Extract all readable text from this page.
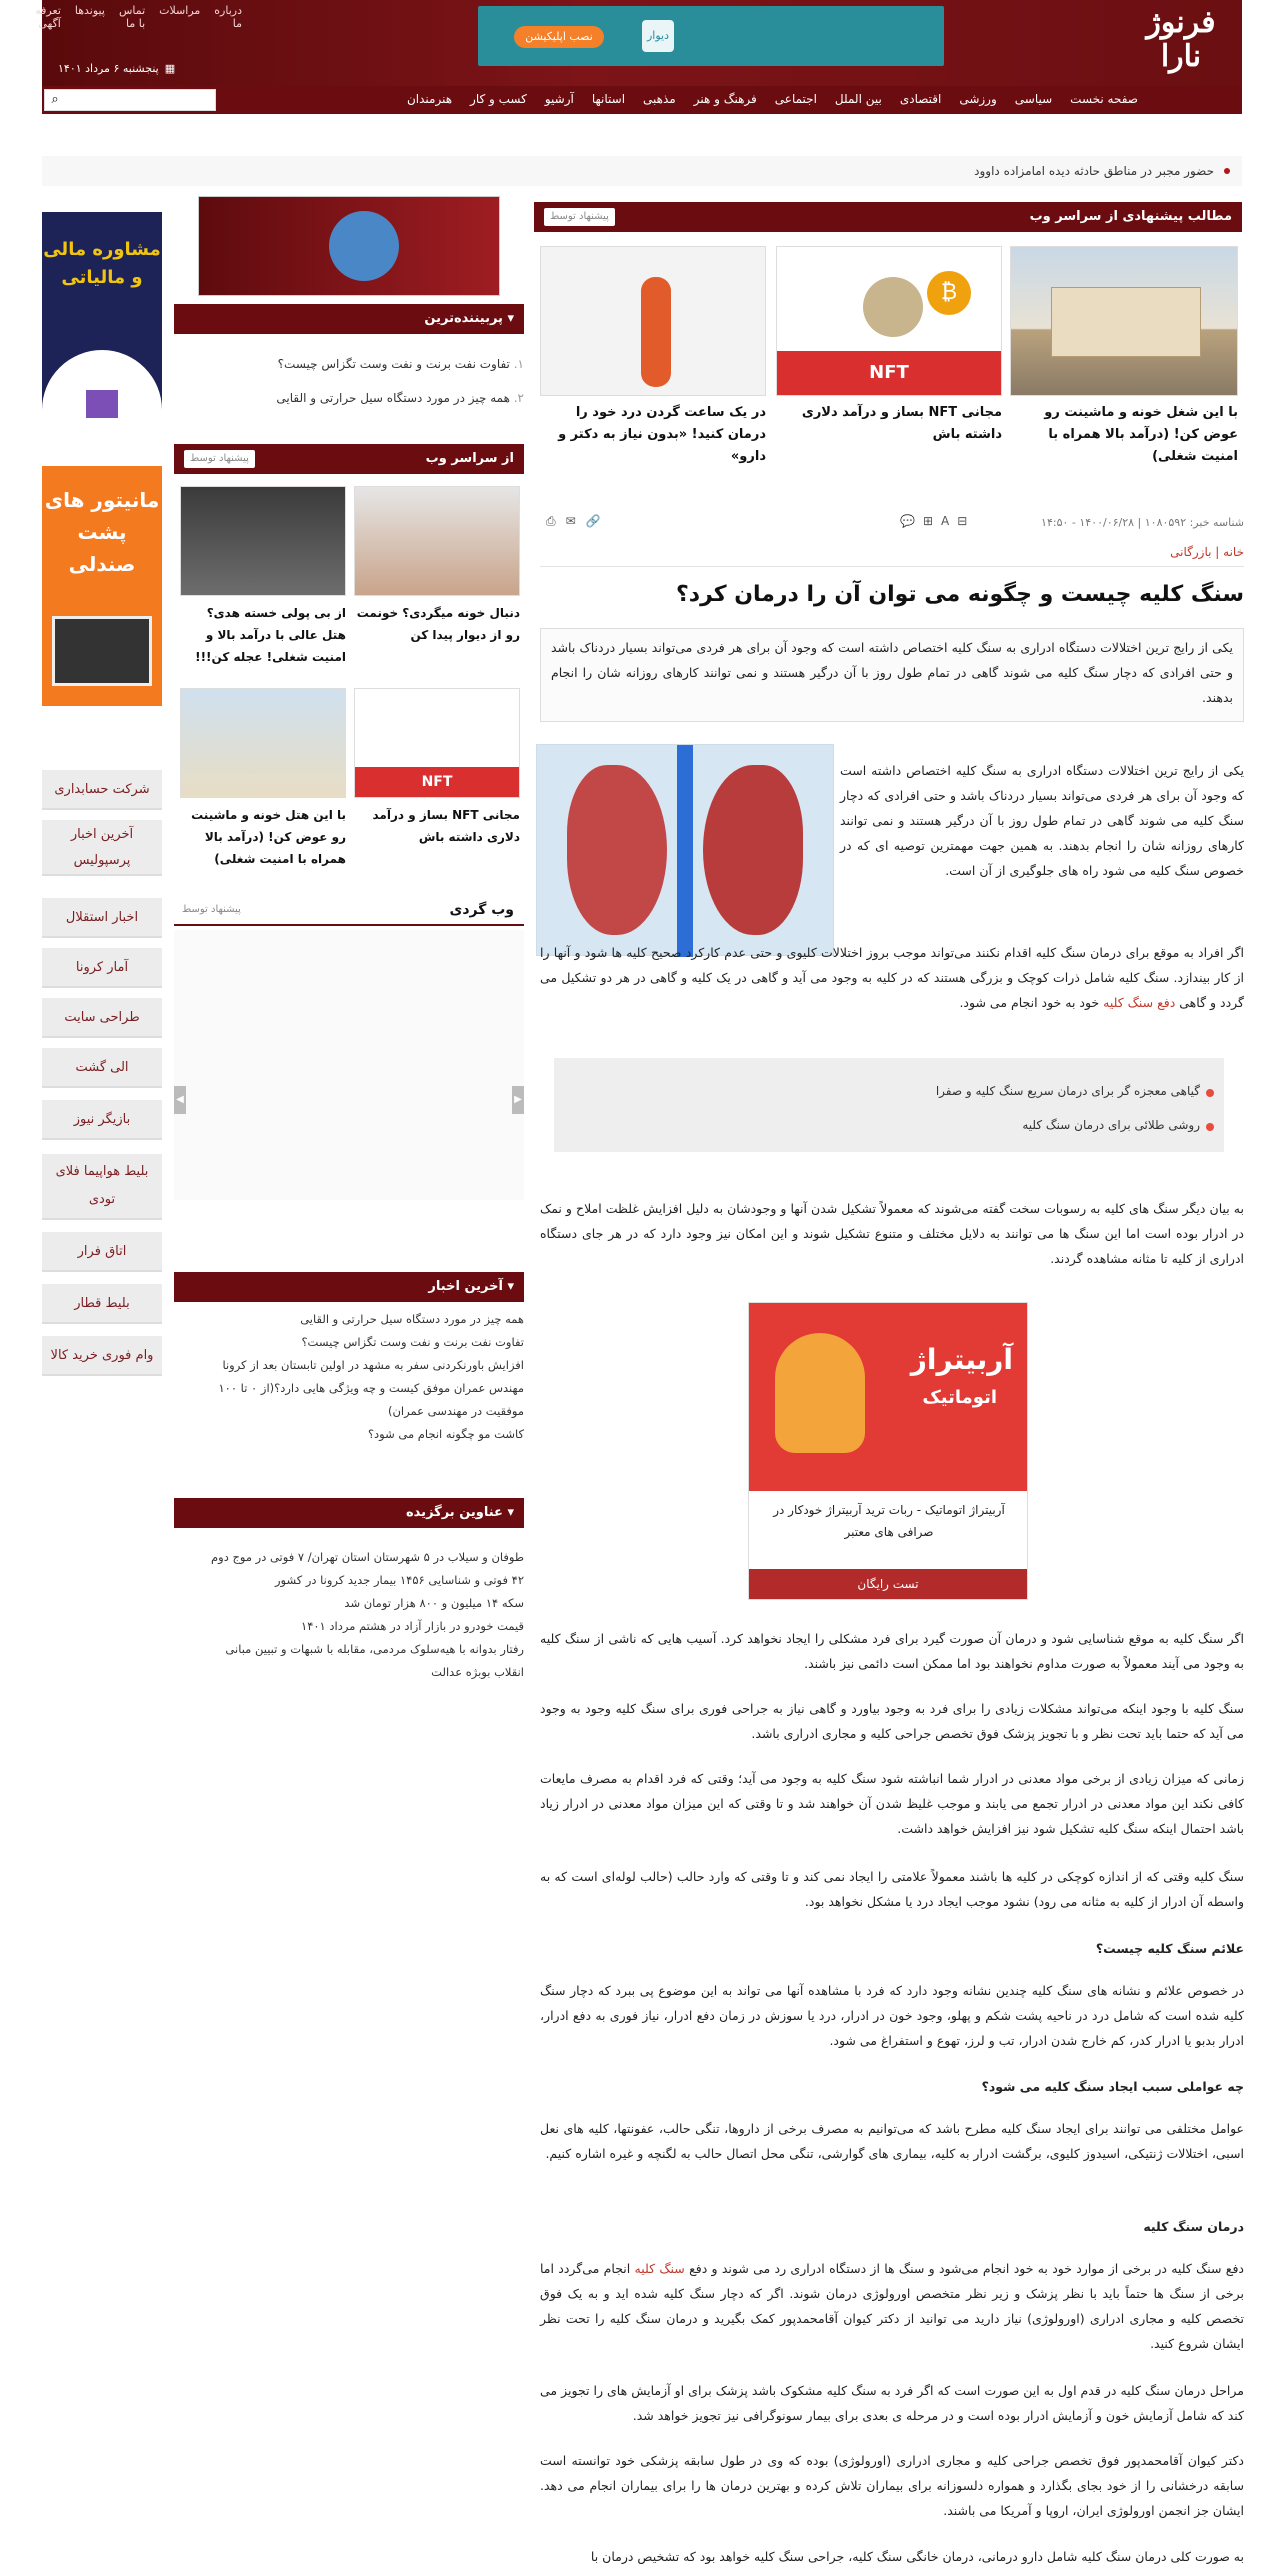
فرنوژ نارا
درباره ما
مراسلات
تماس با ما
پیوندها
تعرفه آگهی
▦
پنجشنبه ۶ مرداد ۱۴۰۱
نصب اپلیکیشن	دیوار
صفحه نخست
سیاسی
ورزشی
اقتصادی
بین الملل
اجتماعی
فرهنگ و هنر
مذهبی
استانها
آرشیو
کسب و کار
هنرمندان
⌕
حضور مجبر در مناطق حادثه دیده امامزاده داوود
مطالب پیشنهادی از سراسر وب
پیشنهاد توسط
با این شغل خونه و ماشینت رو عوض کن! (درآمد بالا همراه با امنیت شغلی)
NFT
₿
مجانی NFT بساز و درآمد دلاری داشته باش
در یک ساعت گردن درد خود را درمان کنید! «بدون نیاز به دکتر و دارو»
شناسه خبر: ۱۰۸۰۵۹۲ | ۱۴۰۰/۰۶/۲۸ - ۱۴:۵۰
🔗
✉
⎙	⊟
A
⊞
💬
خانه | بازرگانی
سنگ کلیه چیست و چگونه می توان آن را درمان کرد؟
یکی از رایج ترین اختلالات دستگاه ادراری به سنگ کلیه اختصاص داشته است که وجود آن برای هر فردی می‌تواند بسیار دردناک باشد و حتی افرادی که دچار سنگ کلیه می شوند گاهی در تمام طول روز با آن درگیر هستند و نمی توانند کارهای روزانه شان را انجام بدهند.
یکی از رایج ترین اختلالات دستگاه ادراری به سنگ کلیه اختصاص داشته است که وجود آن برای هر فردی می‌تواند بسیار دردناک باشد و حتی افرادی که دچار سنگ کلیه می شوند گاهی در تمام طول روز با آن درگیر هستند و نمی توانند کارهای روزانه شان را انجام بدهند. به همین جهت مهمترین توصیه ای که در خصوص سنگ کلیه می شود راه های جلوگیری از آن است.
اگر افراد به موقع برای درمان سنگ کلیه اقدام نکنند می‌تواند موجب بروز اختلالات کلیوی و حتی عدم کارکرد صحیح کلیه ها شود و آنها را از کار بیندازد. سنگ کلیه شامل ذرات کوچک و بزرگی هستند که در کلیه به وجود می آید و گاهی در یک کلیه و گاهی در هر دو تشکیل می گردد و گاهی دفع سنگ کلیه خود به خود انجام می شود.
گیاهی معجزه گر برای درمان سریع سنگ کلیه و صفرا
روشی طلائی برای درمان سنگ کلیه
به بیان دیگر سنگ های کلیه به رسوبات سخت گفته می‌شوند که معمولاً تشکیل شدن آنها و وجودشان به دلیل افزایش غلظت املاح و نمک در ادرار بوده است اما این سنگ ها می توانند به دلایل مختلف و متنوع تشکیل شوند و این امکان نیز وجود دارد که در هر جای دستگاه ادراری از کلیه تا مثانه مشاهده گردند.
آربیتراژ
اتوماتیک
آربیتراژ اتوماتیک - ربات ترید آربیتراژ خودکار در صرافی های معتبر
تست رایگان
اگر سنگ کلیه به موقع شناسایی شود و درمان آن صورت گیرد برای فرد مشکلی را ایجاد نخواهد کرد. آسیب هایی که ناشی از سنگ کلیه به وجود می آیند معمولاً به صورت مداوم نخواهند بود اما ممکن است دائمی نیز باشند.
سنگ کلیه با وجود اینکه می‌تواند مشکلات زیادی را برای فرد به وجود بیاورد و گاهی نیاز به جراحی فوری برای سنگ کلیه وجود به وجود می آید که حتما باید تحت نظر و با تجویز پزشک فوق تخصص جراحی کلیه و مجاری ادراری باشد.
زمانی که میزان زیادی از برخی مواد معدنی در ادرار شما انباشته شود سنگ کلیه به وجود می آید؛ وقتی که فرد اقدام به مصرف مایعات کافی نکند این مواد معدنی در ادرار تجمع می یابند و موجب غلیظ شدن آن خواهند شد و تا وقتی که این میزان مواد معدنی در ادرار زیاد باشد احتمال اینکه سنگ کلیه تشکیل شود نیز افزایش خواهد داشت.
سنگ کلیه وقتی که از اندازه کوچکی در کلیه ها باشند معمولاً علامتی را ایجاد نمی کند و تا وقتی که وارد حالب (حالب لوله‌ای است که به واسطه آن ادرار از کلیه به مثانه می رود) نشود موجب ایجاد درد یا مشکل نخواهد بود.
علائم سنگ کلیه چیست؟
در خصوص علائم و نشانه های سنگ کلیه چندین نشانه وجود دارد که فرد با مشاهده آنها می تواند به این موضوع پی ببرد که دچار سنگ کلیه شده است که شامل درد در ناحیه پشت شکم و پهلو، وجود خون در ادرار، درد یا سوزش در زمان دفع ادرار، نیاز فوری به دفع ادرار، ادرار بدبو یا ادرار کدر، کم خارج شدن ادرار، تب و لرز، تهوع و استفراغ می شود.
چه عواملی سبب ایجاد سنگ کلیه می شود؟
عوامل مختلفی می توانند برای ایجاد سنگ کلیه مطرح باشد که می‌توانیم به مصرف برخی از داروها، تنگی حالب، عفونتها، کلیه های نعل اسبی، اختلالات ژنتیکی، اسیدوز کلیوی، برگشت ادرار به کلیه، بیماری های گوارشی، تنگی محل اتصال حالب به لگنچه و غیره اشاره کنیم.
درمان سنگ کلیه
دفع سنگ کلیه در برخی از موارد خود به خود انجام می‌شود و سنگ ها از دستگاه ادراری رد می شوند و دفع سنگ کلیه انجام می‌گردد اما برخی از سنگ ها حتماً باید با نظر پزشک و زیر نظر متخصص اورولوژی درمان شوند. اگر که دچار سنگ کلیه شده اید و به یک فوق تخصص کلیه و مجاری ادراری (اورولوژی) نیاز دارید می توانید از دکتر کیوان آقامحمدپور کمک بگیرید و درمان سنگ کلیه را تحت نظر ایشان شروع کنید.
مراحل درمان سنگ کلیه در قدم اول به این صورت است که اگر فرد به سنگ کلیه مشکوک باشد پزشک برای او آزمایش های را تجویز می کند که شامل آزمایش خون و آزمایش ادرار بوده است و در مرحله ی بعدی برای بیمار سونوگرافی نیز تجویز خواهد شد.
دکتر کیوان آقامحمدپور فوق تخصص جراحی کلیه و مجاری ادراری (اورولوژی) بوده که وی در طول سابقه پزشکی خود توانسته است سابقه درخشانی را از خود بجای بگذارد و همواره دلسوزانه برای بیماران تلاش کرده و بهترین درمان ها را برای بیماران انجام می دهد. ایشان جز انجمن اورولوژی ایران، اروپا و آمریکا می باشند.
به صورت کلی درمان سنگ کلیه شامل دارو درمانی، درمان خانگی سنگ کلیه، جراحی سنگ کلیه خواهد بود که تشخیص درمان با
▾ پربیننده‌ترین
۱. تفاوت نفت برنت و نفت وست تگزاس چیست؟
۲. همه چیز در مورد دستگاه سیل حرارتی و القایی
از سراسر وب
پیشنهاد توسط
دنبال خونه میگردی؟ خونمت رو از دیوار پیدا کن
از بی پولی خسته هدی؟ هتل عالی با درآمد بالا و امنیت شغلی! عجله کن!!!
NFT
مجانی NFT بساز و درآمد دلاری داشته باش
با این هتل خونه و ماشینت رو عوض کن! (درآمد بالا همراه با امنیت شغلی)
وب گردی
پیشنهاد توسط
◀	▶
▾ آخرین اخبار
همه چیز در مورد دستگاه سیل حرارتی و القایی
تفاوت نفت برنت و نفت وست تگزاس چیست؟
افزایش باورنکردنی سفر به مشهد در اولین تابستان بعد از کرونا
مهندس عمران موفق کیست و چه ویژگی هایی دارد؟(از ۰ تا ۱۰۰ موفقیت در مهندسی عمران)
کاشت مو چگونه انجام می شود؟
▾ عناوین برگزیده
طوفان و سیلاب در ۵ شهرستان استان تهران/ ۷ فوتی در موج دوم
۴۲ فوتی و شناسایی ۱۴۵۶ بیمار جدید کرونا در کشور
سکه ۱۴ میلیون و ۸۰۰ هزار تومان شد
قیمت خودرو در بازار آزاد در هشتم مرداد ۱۴۰۱
رفتار بدوانه با هیه‌سلوک مردمی، مقابله با شبهات و تبیین مبانی انقلاب بوبژه عدالت
مشاوره مالی و مالیاتی
مانیتور های پشت صندلی
شرکت حسابداری
آخرین اخبار پرسپولیس
اخبار استقلال
آمار کرونا
طراحی سایت
الی گشت
بازیگر نیوز
بلیط هواپیما فلای تودی
اتاق فرار
بلیط قطار
وام فوری خرید کالا
